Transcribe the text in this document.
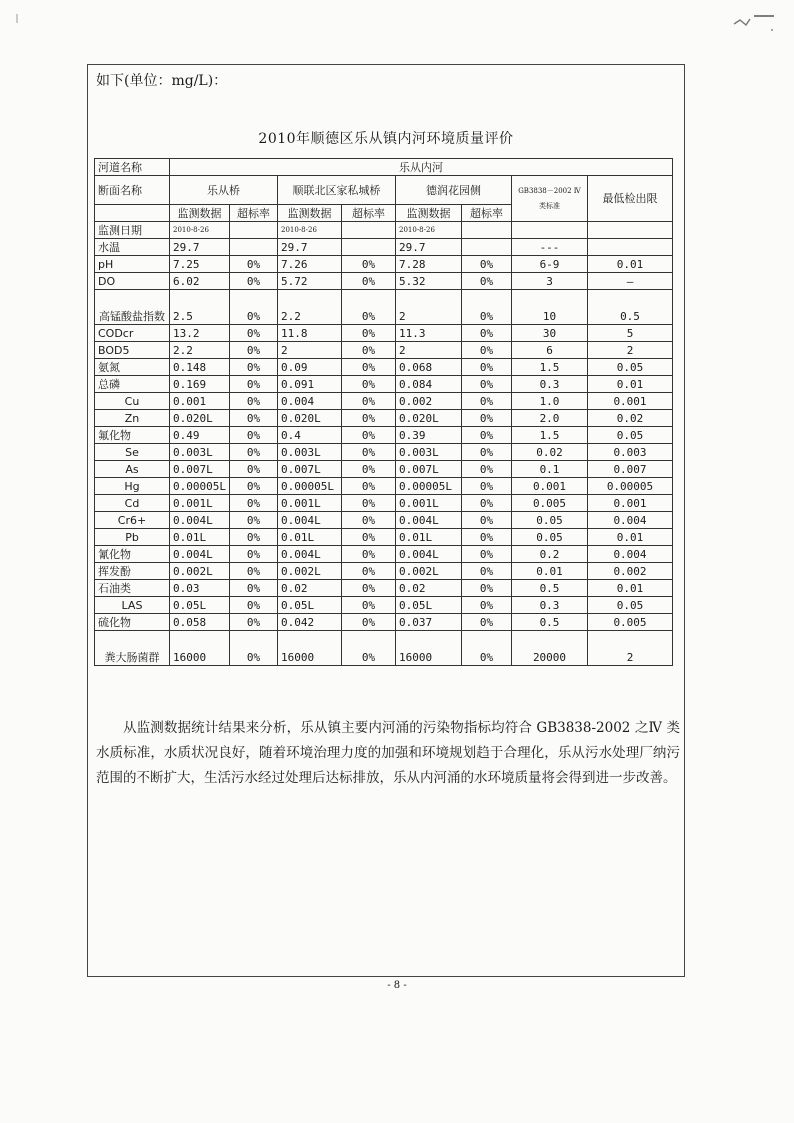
如下(单位：mg/L)：
2010年顺德区乐从镇内河环境质量评价
河道名称	乐从内河							
断面名称	乐从桥		顺联北区家私城桥		德润花园侧		GB3838－2002 Ⅳ类标准	最低检出限
	监测数据	超标率	监测数据	超标率	监测数据	超标率		
监测日期	2010-8-26		2010-8-26		2010-8-26			
水温	29.7		29.7		29.7		---	
pH	7.25	0%	7.26	0%	7.28	0%	6-9	0.01
DO	6.02	0%	5.72	0%	5.32	0%	3	—
高锰酸盐指数	2.5	0%	2.2	0%	2	0%	10	0.5
CODcr	13.2	0%	11.8	0%	11.3	0%	30	5
BOD5	2.2	0%	2	0%	2	0%	6	2
氨氮	0.148	0%	0.09	0%	0.068	0%	1.5	0.05
总磷	0.169	0%	0.091	0%	0.084	0%	0.3	0.01
Cu	0.001	0%	0.004	0%	0.002	0%	1.0	0.001
Zn	0.020L	0%	0.020L	0%	0.020L	0%	2.0	0.02
氟化物	0.49	0%	0.4	0%	0.39	0%	1.5	0.05
Se	0.003L	0%	0.003L	0%	0.003L	0%	0.02	0.003
As	0.007L	0%	0.007L	0%	0.007L	0%	0.1	0.007
Hg	0.00005L	0%	0.00005L	0%	0.00005L	0%	0.001	0.00005
Cd	0.001L	0%	0.001L	0%	0.001L	0%	0.005	0.001
Cr6+	0.004L	0%	0.004L	0%	0.004L	0%	0.05	0.004
Pb	0.01L	0%	0.01L	0%	0.01L	0%	0.05	0.01
氰化物	0.004L	0%	0.004L	0%	0.004L	0%	0.2	0.004
挥发酚	0.002L	0%	0.002L	0%	0.002L	0%	0.01	0.002
石油类	0.03	0%	0.02	0%	0.02	0%	0.5	0.01
LAS	0.05L	0%	0.05L	0%	0.05L	0%	0.3	0.05
硫化物	0.058	0%	0.042	0%	0.037	0%	0.5	0.005
粪大肠菌群	16000	0%	16000	0%	16000	0%	20000	2
从监测数据统计结果来分析，乐从镇主要内河涌的污染物指标均符合 GB3838-2002 之Ⅳ 类水质标准，水质状况良好，随着环境治理力度的加强和环境规划趋于合理化，乐从污水处理厂纳污范围的不断扩大，生活污水经过处理后达标排放，乐从内河涌的水环境质量将会得到进一步改善。
- 8 -
